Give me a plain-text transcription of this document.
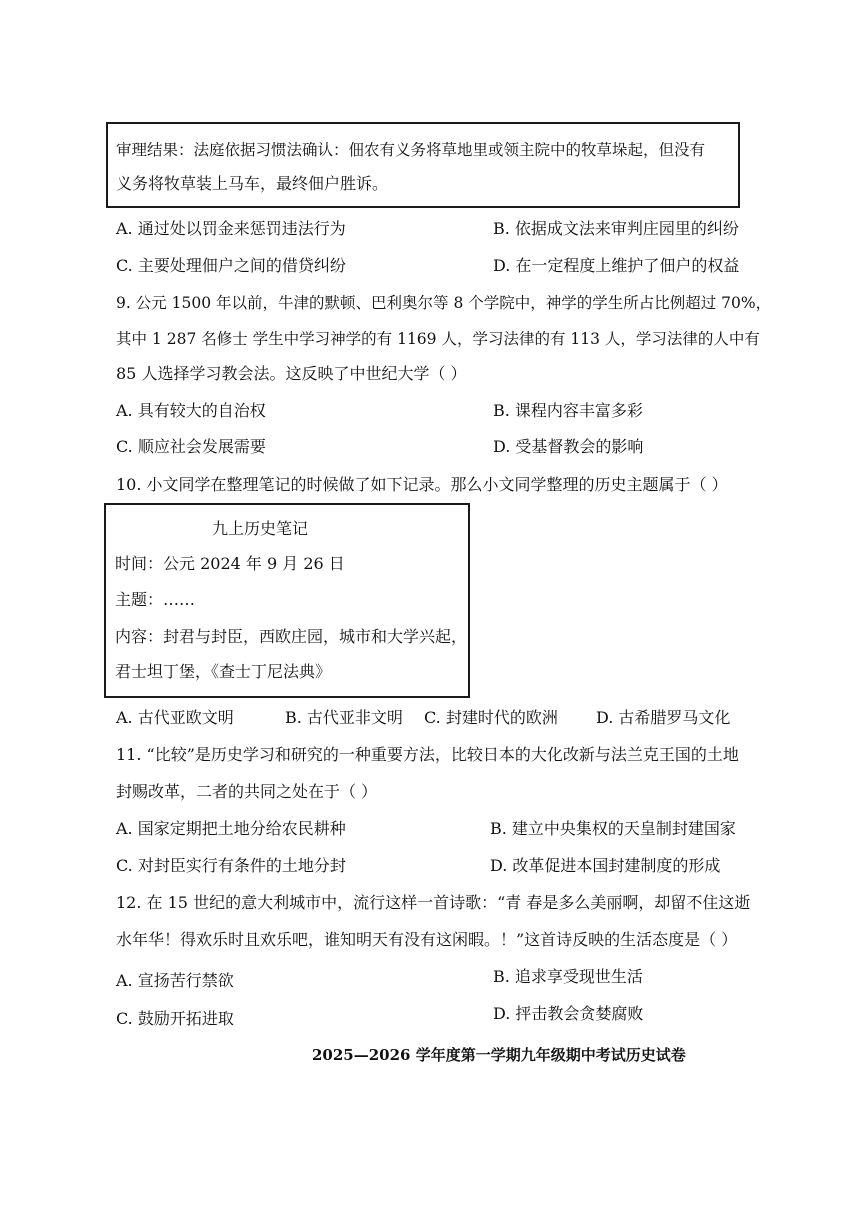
审理结果：法庭依据习惯法确认：佃农有义务将草地里或领主院中的牧草垛起，但没有
义务将牧草装上马车，最终佃户胜诉。
A. 通过处以罚金来惩罚违法行为	B. 依据成文法来审判庄园里的纠纷
C. 主要处理佃户之间的借贷纠纷	D. 在一定程度上维护了佃户的权益
9. 公元 1500 年以前，牛津的默顿、巴利奥尔等 8 个学院中，神学的学生所占比例超过 70%，
其中 1 287 名修士 学生中学习神学的有 1169 人，学习法律的有 113 人，学习法律的人中有
85 人选择学习教会法。这反映了中世纪大学（ ）
A. 具有较大的自治权	B. 课程内容丰富多彩
C. 顺应社会发展需要	D. 受基督教会的影响
10. 小文同学在整理笔记的时候做了如下记录。那么小文同学整理的历史主题属于（ ）
九上历史笔记
时间：公元 2024 年 9 月 26 日
主题：……
内容：封君与封臣，西欧庄园，城市和大学兴起，
君士坦丁堡，《查士丁尼法典》
A. 古代亚欧文明	B. 古代亚非文明 C. 封建时代的欧洲 D. 古希腊罗马文化
11. “比较”是历史学习和研究的一种重要方法，比较日本的大化改新与法兰克王国的土地
封赐改革，二者的共同之处在于（ ）
A. 国家定期把土地分给农民耕种	B. 建立中央集权的天皇制封建国家
C. 对封臣实行有条件的土地分封	D. 改革促进本国封建制度的形成
12. 在 15 世纪的意大利城市中，流行这样一首诗歌：“青 春是多么美丽啊，却留不住这逝
水年华！得欢乐时且欢乐吧，谁知明天有没有这闲暇。！”这首诗反映的生活态度是（ ）
A. 宣扬苦行禁欲	B. 追求享受现世生活
C. 鼓励开拓进取	D. 抨击教会贪婪腐败
2025—2026 学年度第一学期九年级期中考试历史试卷
